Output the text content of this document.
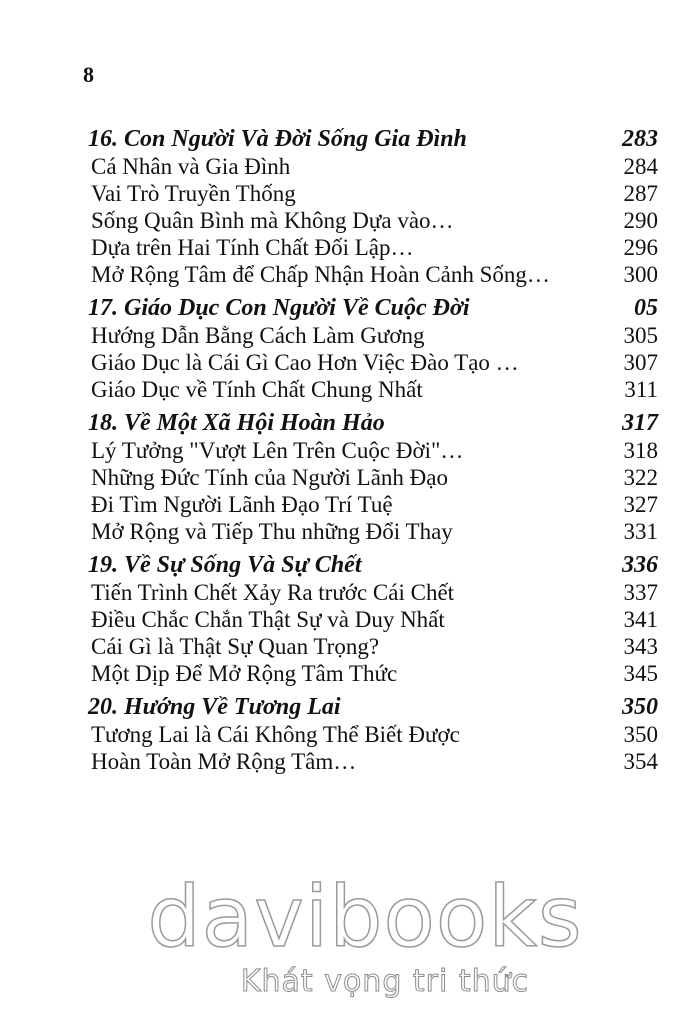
8
16. Con Người Và Đời Sống Gia Đình	283
Cá Nhân và Gia Đình	284
Vai Trò Truyền Thống	287
Sống Quân Bình mà Không Dựa vào…	290
Dựa trên Hai Tính Chất Đối Lập…	296
Mở Rộng Tâm để Chấp Nhận Hoàn Cảnh Sống…	300
17. Giáo Dục Con Người Về Cuộc Đời	05
Hướng Dẫn Bằng Cách Làm Gương	305
Giáo Dục là Cái Gì Cao Hơn Việc Đào Tạo …	307
Giáo Dục về Tính Chất Chung Nhất	311
18. Về Một Xã Hội Hoàn Hảo	317
Lý Tưởng "Vượt Lên Trên Cuộc Đời"…	318
Những Đức Tính của Người Lãnh Đạo	322
Đi Tìm Người Lãnh Đạo Trí Tuệ	327
Mở Rộng và Tiếp Thu những Đổi Thay	331
19. Về Sự Sống Và Sự Chết	336
Tiến Trình Chết Xảy Ra trước Cái Chết	337
Điều Chắc Chắn Thật Sự và Duy Nhất	341
Cái Gì là Thật Sự Quan Trọng?	343
Một Dịp Để Mở Rộng Tâm Thức	345
20. Hướng Về Tương Lai	350
Tương Lai là Cái Không Thể Biết Được	350
Hoàn Toàn Mở Rộng Tâm…	354
davibooks
Khát vọng tri thức
